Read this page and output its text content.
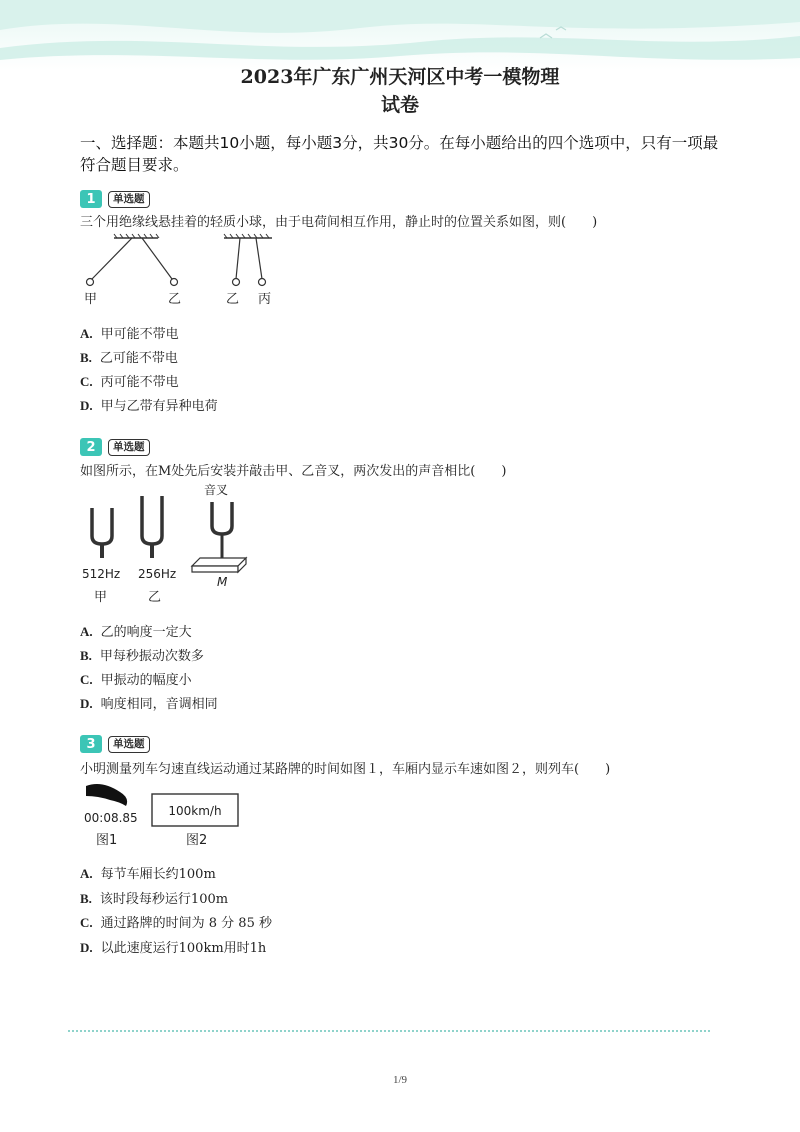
2023年广东广州天河区中考一模物理
试卷
一、选择题：本题共10小题，每小题3分，共30分。在每小题给出的四个选项中，只有一项最符合题目要求。
1	单选题
三个用绝缘线悬挂着的轻质小球，由于电荷间相互作用，静止时的位置关系如图，则(　　)
甲	乙	乙 丙
A. 甲可能不带电
B. 乙可能不带电
C. 丙可能不带电
D. 甲与乙带有异种电荷
2	单选题
如图所示，在M处先后安装并敲击甲、乙音叉，两次发出的声音相比(　　)
512Hz
甲
256Hz
乙
音叉
M
A. 乙的响度一定大
B. 甲每秒振动次数多
C. 甲振动的幅度小
D. 响度相同，音调相同
3	单选题
小明测量列车匀速直线运动通过某路牌的时间如图１，车厢内显示车速如图２，则列车(　　)
00:08.85
图1
100km/h
图2
A. 每节车厢长约100m
B. 该时段每秒运行100m
C. 通过路牌的时间为 8 分 85 秒
D. 以此速度运行100km用时1h
1/9
